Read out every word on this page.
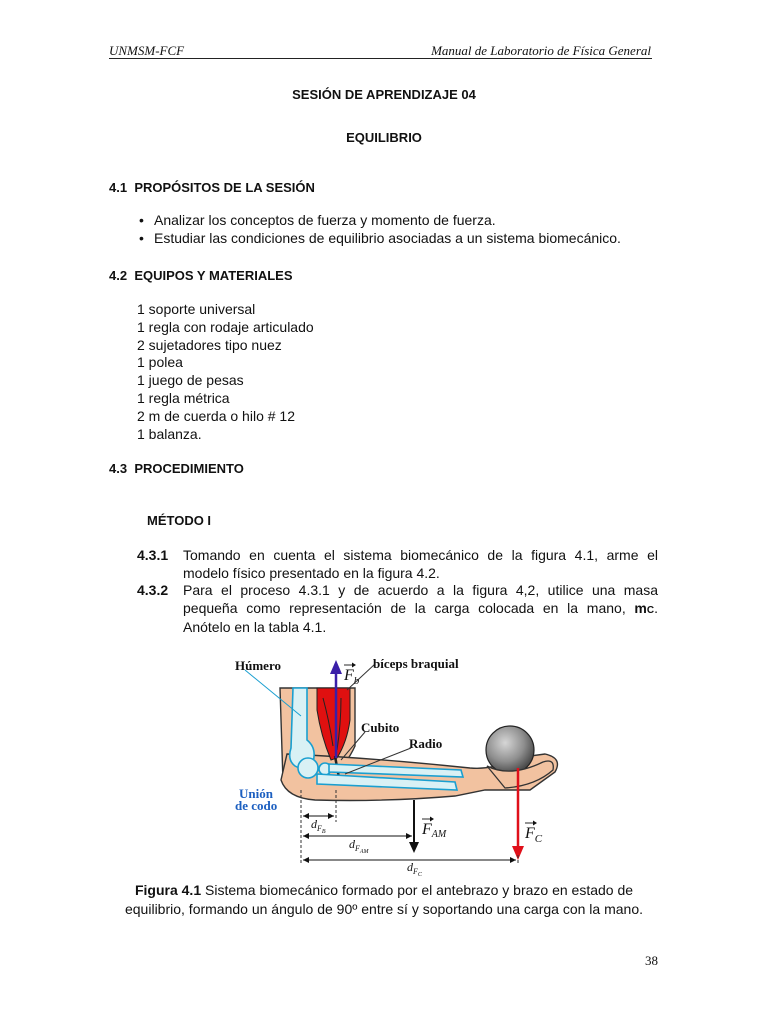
UNMSM-FCF	Manual de Laboratorio de Física General
SESIÓN DE APRENDIZAJE 04
EQUILIBRIO
4.1 PROPÓSITOS DE LA SESIÓN
• Analizar los conceptos de fuerza y momento de fuerza.
• Estudiar las condiciones de equilibrio asociadas a un sistema biomecánico.
4.2 EQUIPOS Y MATERIALES
1 soporte universal
1 regla con rodaje articulado
2 sujetadores tipo nuez
1 polea
1 juego de pesas
1 regla métrica
2 m de cuerda o hilo # 12
1 balanza.
4.3 PROCEDIMIENTO
MÉTODO I
4.3.1 Tomando en cuenta el sistema biomecánico de la figura 4.1, arme el
modelo físico presentado en la figura 4.2.
4.3.2 Para el proceso 4.3.1 y de acuerdo a la figura 4,2, utilice una masa
pequeña como representación de la carga colocada en la mano, mC.
Anótelo en la tabla 4.1.
Húmero	bíceps braquial
Cubito
Radio
Unión
de codo
$F_b$
FAM	$F_C$
$d_FB$
$d_FAM$
$d_FC$
Figura 4.1 Sistema biomecánico formado por el antebrazo y brazo en estado de
equilibrio, formando un ángulo de 90º entre sí y soportando una carga con la mano.
38
